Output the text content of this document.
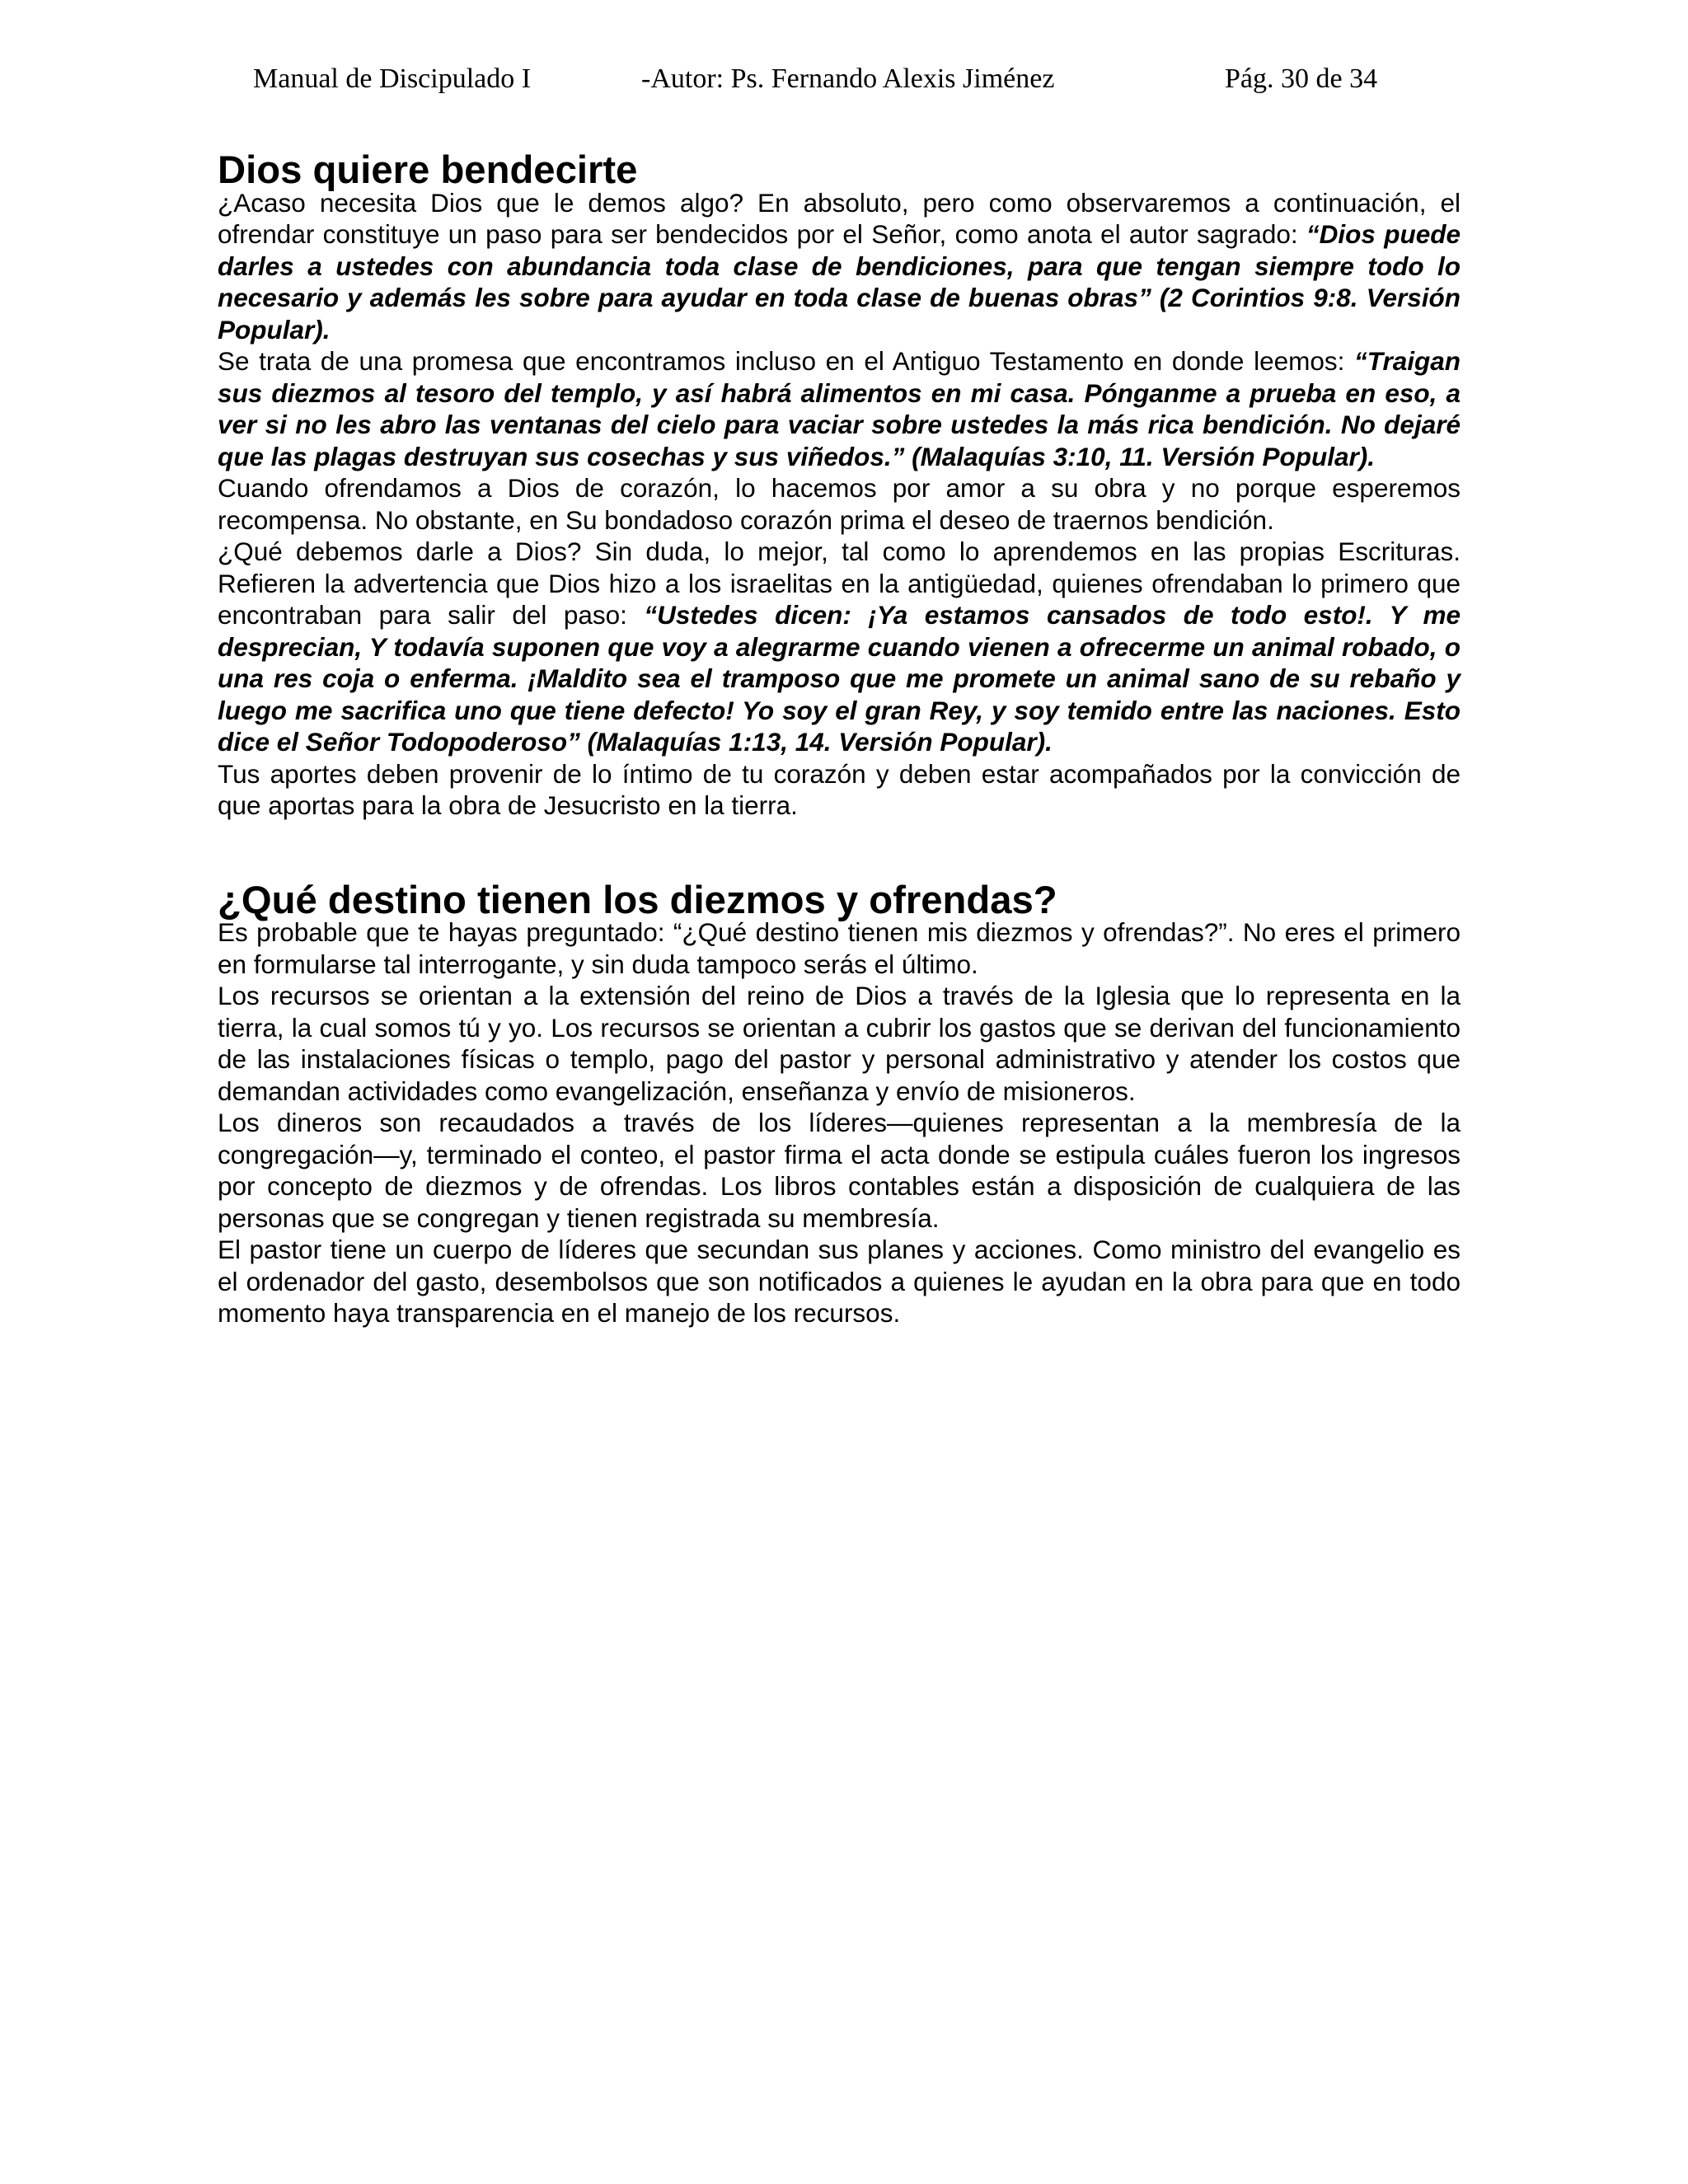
Manual de Discipulado I	-Autor: Ps. Fernando Alexis Jiménez	Pág. 30 de 34
Dios quiere bendecirte

¿Acaso necesita Dios que le demos algo? En absoluto, pero como observaremos a continuación, el ofrendar constituye un paso para ser bendecidos por el Señor, como anota el autor sagrado: “Dios puede darles a ustedes con abundancia toda clase de bendiciones, para que tengan siempre todo lo necesario y además les sobre para ayudar en toda clase de buenas obras” (2 Corintios 9:8. Versión Popular).

Se trata de una promesa que encontramos incluso en el Antiguo Testamento en donde leemos: “Traigan sus diezmos al tesoro del templo, y así habrá alimentos en mi casa. Pónganme a prueba en eso, a ver si no les abro las ventanas del cielo para vaciar sobre ustedes la más rica bendición. No dejaré que las plagas destruyan sus cosechas y sus viñedos.” (Malaquías 3:10, 11. Versión Popular).

Cuando ofrendamos a Dios de corazón, lo hacemos por amor a su obra y no porque esperemos recompensa. No obstante, en Su bondadoso corazón prima el deseo de traernos bendición.

¿Qué debemos darle a Dios? Sin duda, lo mejor, tal como lo aprendemos en las propias Escrituras. Refieren la advertencia que Dios hizo a los israelitas en la antigüedad, quienes ofrendaban lo primero que encontraban para salir del paso: “Ustedes dicen: ¡Ya estamos cansados de todo esto!. Y me desprecian, Y todavía suponen que voy a alegrarme cuando vienen a ofrecerme un animal robado, o una res coja o enferma. ¡Maldito sea el tramposo que me promete un animal sano de su rebaño y luego me sacrifica uno que tiene defecto! Yo soy el gran Rey, y soy temido entre las naciones. Esto dice el Señor Todopoderoso” (Malaquías 1:13, 14. Versión Popular).

Tus aportes deben provenir de lo íntimo de tu corazón y deben estar acompañados por la convicción de que aportas para la obra de Jesucristo en la tierra.

¿Qué destino tienen los diezmos y ofrendas?

Es probable que te hayas preguntado: “¿Qué destino tienen mis diezmos y ofrendas?”. No eres el primero en formularse tal interrogante, y sin duda tampoco serás el último.

Los recursos se orientan a la extensión del reino de Dios a través de la Iglesia que lo representa en la tierra, la cual somos tú y yo. Los recursos se orientan a cubrir los gastos que se derivan del funcionamiento de las instalaciones físicas o templo, pago del pastor y personal administrativo y atender los costos que demandan actividades como evangelización, enseñanza y envío de misioneros.

Los dineros son recaudados a través de los líderes—quienes representan a la membresía de la congregación—y, terminado el conteo, el pastor firma el acta donde se estipula cuáles fueron los ingresos por concepto de diezmos y de ofrendas. Los libros contables están a disposición de cualquiera de las personas que se congregan y tienen registrada su membresía.

El pastor tiene un cuerpo de líderes que secundan sus planes y acciones. Como ministro del evangelio es el ordenador del gasto, desembolsos que son notificados a quienes le ayudan en la obra para que en todo momento haya transparencia en el manejo de los recursos.
